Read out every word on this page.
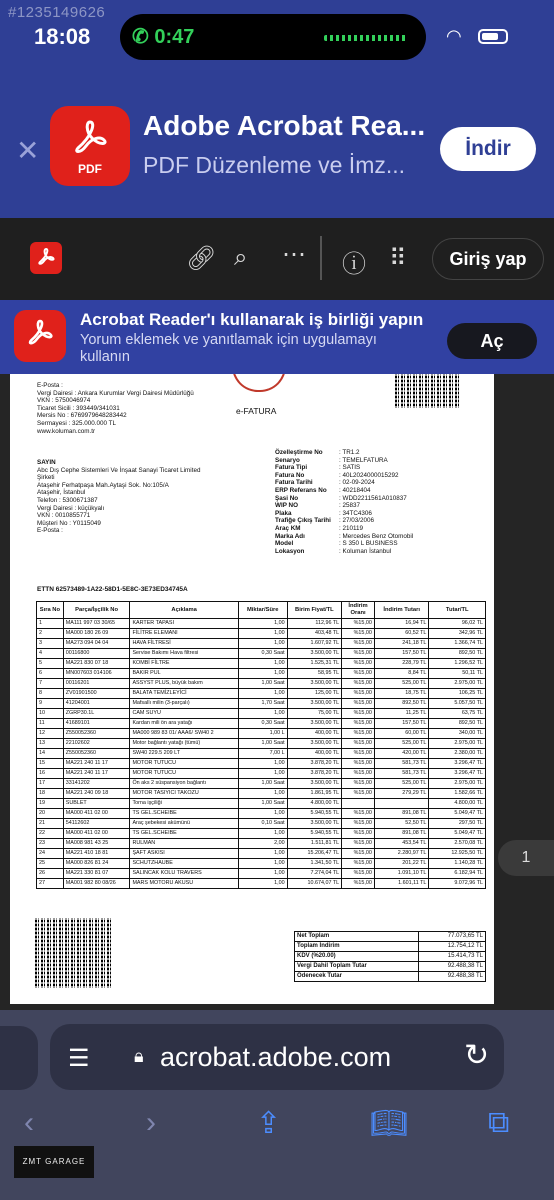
#1235149626
18:08 ✆ 0:47	◠
✕
PDF
Adobe Acrobat Rea...
PDF Düzenleme ve İmz...
İndir
🔗︎ ⌕ ⋯ ⓘ ⠿	Giriş yap
Acrobat Reader'ı kullanarak iş birliği yapın
Yorum eklemek ve yanıtlamak için uygulamayı kullanın
Aç
E-Posta :
Vergi Dairesi : Ankara Kurumlar Vergi Dairesi Müdürlüğü
VKN : 5750046974
Ticaret Sicili : 393449/341031
Mersis No : 6769979648283442
Sermayesi : 325.000.000 TL
www.koluman.com.tr
e-FATURA
SAYIN
Abc Dış Cephe Sistemleri Ve İnşaat Sanayi Ticaret Limited
Şirketi
Ataşehir Ferhatpaşa Mah.Aytaşi Sok. No:105/A
Ataşehir, İstanbul
Telefon : 5300671387
Vergi Dairesi : küçükyalı
VKN : 0010855771
Müşteri No : Y0115049
E-Posta :
Özelleştirme No	: TR1.2
Senaryo	: TEMELFATURA
Fatura Tipi	: SATIS
Fatura No	: 40L2024000015292
Fatura Tarihi	: 02-09-2024
ERP Referans No	: 40218404
Şasi No	: WDD2211561A010837
WIP NO	: 25837
Plaka	: 34TC4306
Trafiğe Çıkış Tarihi	: 27/03/2006
Araç KM	: 210119
Marka Adı	: Mercedes Benz Otomobil
Model	: S 350 L BUSINESS
Lokasyon	: Koluman İstanbul
ETTN 62573489-1A22-58D1-5E8C-3E73ED34745A
Sıra No	Parça/İşçilik No	Açıklama	Miktar/Süre	Birim Fiyat/TL	İndirim Oranı	İndirim Tutarı	Tutar/TL
1	MA111 997 03 30/65	KARTER TAPASI	1,00	112,96 TL	%15,00	16,94 TL	96,02 TL
2	MA000 180 26 09	FİLİTRE ELEMANI	1,00	403,48 TL	%15,00	60,52 TL	342,96 TL
3	MA273 094 04 04	HAVA FİLTRESİ	1,00	1.607,92 TL	%15,00	241,18 TL	1.366,74 TL
4	00116800	Servise Bakımı Hava filtresi	0,30 Saat	3.500,00 TL	%15,00	157,50 TL	892,50 TL
5	MA221 830 07 18	KOMBİ FİLTRE	1,00	1.525,31 TL	%15,00	228,79 TL	1.296,52 TL
6	MN007603 014106	BAKIR PUL	1,00	58,95 TL	%15,00	8,84 TL	50,11 TL
7	00116201	ASSYST PLUS, büyük bakım	1,00 Saat	3.500,00 TL	%15,00	525,00 TL	2.975,00 TL
8	ZV01901500	BALATA TEMİZLEYİCİ	1,00	125,00 TL	%15,00	18,75 TL	106,25 TL
9	41204001	Mafsallı milin (3-parçalı)	1,70 Saat	3.500,00 TL	%15,00	892,50 TL	5.057,50 TL
10	ZGRP30.1L	CAM SUYU	1,00	75,00 TL	%15,00	11,25 TL	63,75 TL
11	41689101	Kardan mili ön ara yatağı	0,30 Saat	3.500,00 TL	%15,00	157,50 TL	892,50 TL
12	Z550052360	MA000 989 83 01/ AAA6/ SW40 2	1,00 L	400,00 TL	%15,00	60,00 TL	340,00 TL
13	22102602	Motor bağlantı yatağı (tümü)	1,00 Saat	3.500,00 TL	%15,00	525,00 TL	2.975,00 TL
14	Z550052360	SW40 229.5 209 LT	7,00 L	400,00 TL	%15,00	420,00 TL	2.380,00 TL
15	MA221 240 11 17	MOTOR TUTUCU	1,00	3.878,20 TL	%15,00	581,73 TL	3.296,47 TL
16	MA221 240 11 17	MOTOR TUTUCU	1,00	3.878,20 TL	%15,00	581,73 TL	3.296,47 TL
17	33141202	Ön aks 2 süspansiyon bağlantı	1,00 Saat	3.500,00 TL	%15,00	525,00 TL	2.975,00 TL
18	MA221 240 09 18	MOTOR TASIYICI TAKOZU	1,00	1.861,95 TL	%15,00	279,29 TL	1.582,66 TL
19	SUBLET	Torna işçiliği	1,00 Saat	4.800,00 TL			4.800,00 TL
20	MA000 411 02 00	TS GEL.SCHEIBE	1,00	5.940,55 TL	%15,00	891,08 TL	5.049,47 TL
21	54112602	Araç şebekesi akümünü	0,10 Saat	3.500,00 TL	%15,00	52,50 TL	297,50 TL
22	MA000 411 02 00	TS GEL.SCHEIBE	1,00	5.940,55 TL	%15,00	891,08 TL	5.049,47 TL
23	MA008 981 43 25	RULMAN	2,00	1.511,81 TL	%15,00	453,54 TL	2.570,08 TL
24	MA221 410 18 81	ŞAFT ASKISI	1,00	15.206,47 TL	%15,00	2.280,97 TL	12.925,50 TL
25	MA000 826 81 24	SCHUTZHAUBE	1,00	1.341,50 TL	%15,00	201,22 TL	1.140,28 TL
26	MA221 330 81 07	SALINCAK KOLU TRAVERS	1,00	7.274,04 TL	%15,00	1.091,10 TL	6.182,94 TL
27	MA001 982 80 08/26	MARS MOTORU AKUSU	1,00	10.674,07 TL	%15,00	1.601,11 TL	9.072,96 TL
Net Toplam	77.073,65 TL
Toplam İndirim	12.754,12 TL
KDV (%20.00)	15.414,73 TL
Vergi Dahil Toplam Tutar	92.488,38 TL
Ödenecek Tutar	92.488,38 TL
1
☰ 🔒︎ acrobat.adobe.com ↻
‹	›	⇪	📖︎	⧉
ZMT GARAGE
